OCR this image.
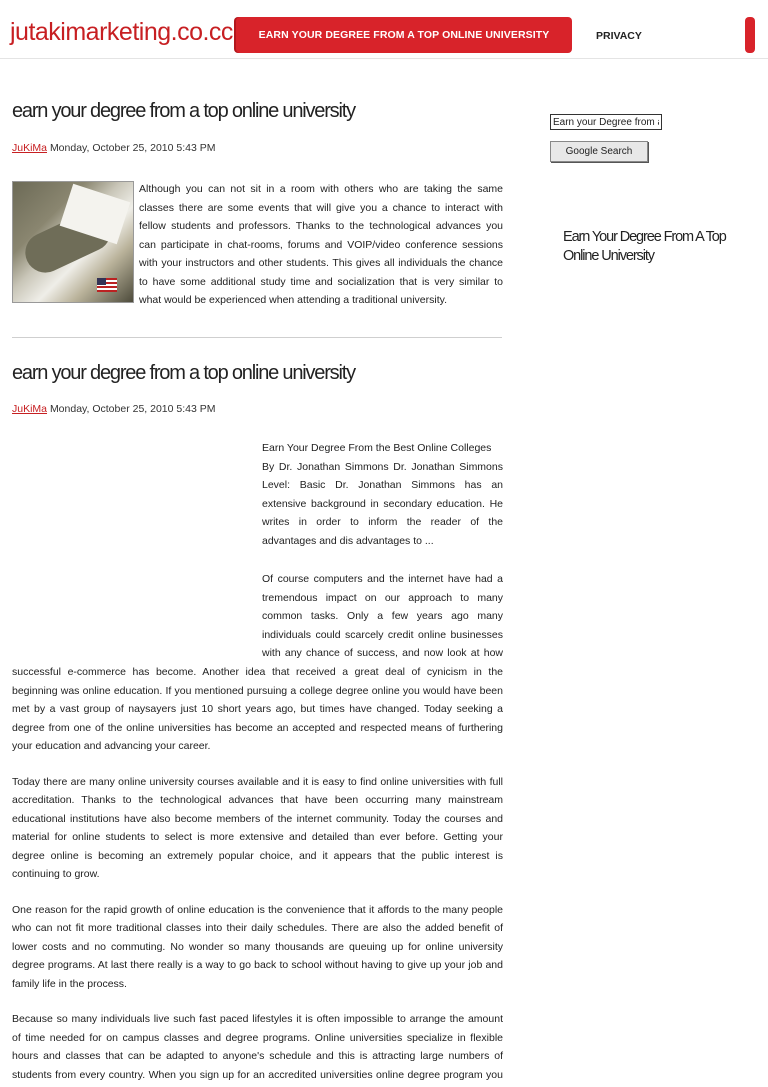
jutakimarketing.co.cc	EARN YOUR DEGREE FROM A TOP ONLINE UNIVERSITY	PRIVACY
earn your degree from a top online university
JuKiMa Monday, October 25, 2010 5:43 PM
Although you can not sit in a room with others who are taking the same
classes there are some events that will give you a chance to interact with
fellow students and professors. Thanks to the technological advances you
can participate in chat-rooms, forums and VOIP/video conference sessions
with your instructors and other students. This gives all individuals the chance
to have some additional study time and socialization that is very similar to
what would be experienced when attending a traditional university.
earn your degree from a top online university
JuKiMa Monday, October 25, 2010 5:43 PM
Earn Your Degree From the Best Online Colleges
By Dr. Jonathan Simmons Dr. Jonathan Simmons
Level: Basic Dr. Jonathan Simmons has an
extensive background in secondary education. He
writes in order to inform the reader of the
advantages and dis advantages to ...
Of course computers and the internet have had a
tremendous impact on our approach to many
common tasks. Only a few years ago many
individuals could scarcely credit online businesses
with any chance of success, and now look at how
successful e-commerce has become. Another idea that received a great deal of cynicism in the
beginning was online education. If you mentioned pursuing a college degree online you would have been
met by a vast group of naysayers just 10 short years ago, but times have changed. Today seeking a
degree from one of the online universities has become an accepted and respected means of furthering
your education and advancing your career.
Today there are many online university courses available and it is easy to find online universities with full
accreditation. Thanks to the technological advances that have been occurring many mainstream
educational institutions have also become members of the internet community. Today the courses and
material for online students to select is more extensive and detailed than ever before. Getting your
degree online is becoming an extremely popular choice, and it appears that the public interest is
continuing to grow.
One reason for the rapid growth of online education is the convenience that it affords to the many people
who can not fit more traditional classes into their daily schedules. There are also the added benefit of
lower costs and no commuting. No wonder so many thousands are queuing up for online university
degree programs. At last there really is a way to go back to school without having to give up your job and
family life in the process.
Because so many individuals live such fast paced lifestyles it is often impossible to arrange the amount
of time needed for on campus classes and degree programs. Online universities specialize in flexible
hours and classes that can be adapted to anyone's schedule and this is attracting large numbers of
students from every country. When you sign up for an accredited universities online degree program you
Earn your Degree from a t
Google Search
Earn Your Degree From A Top Online University
